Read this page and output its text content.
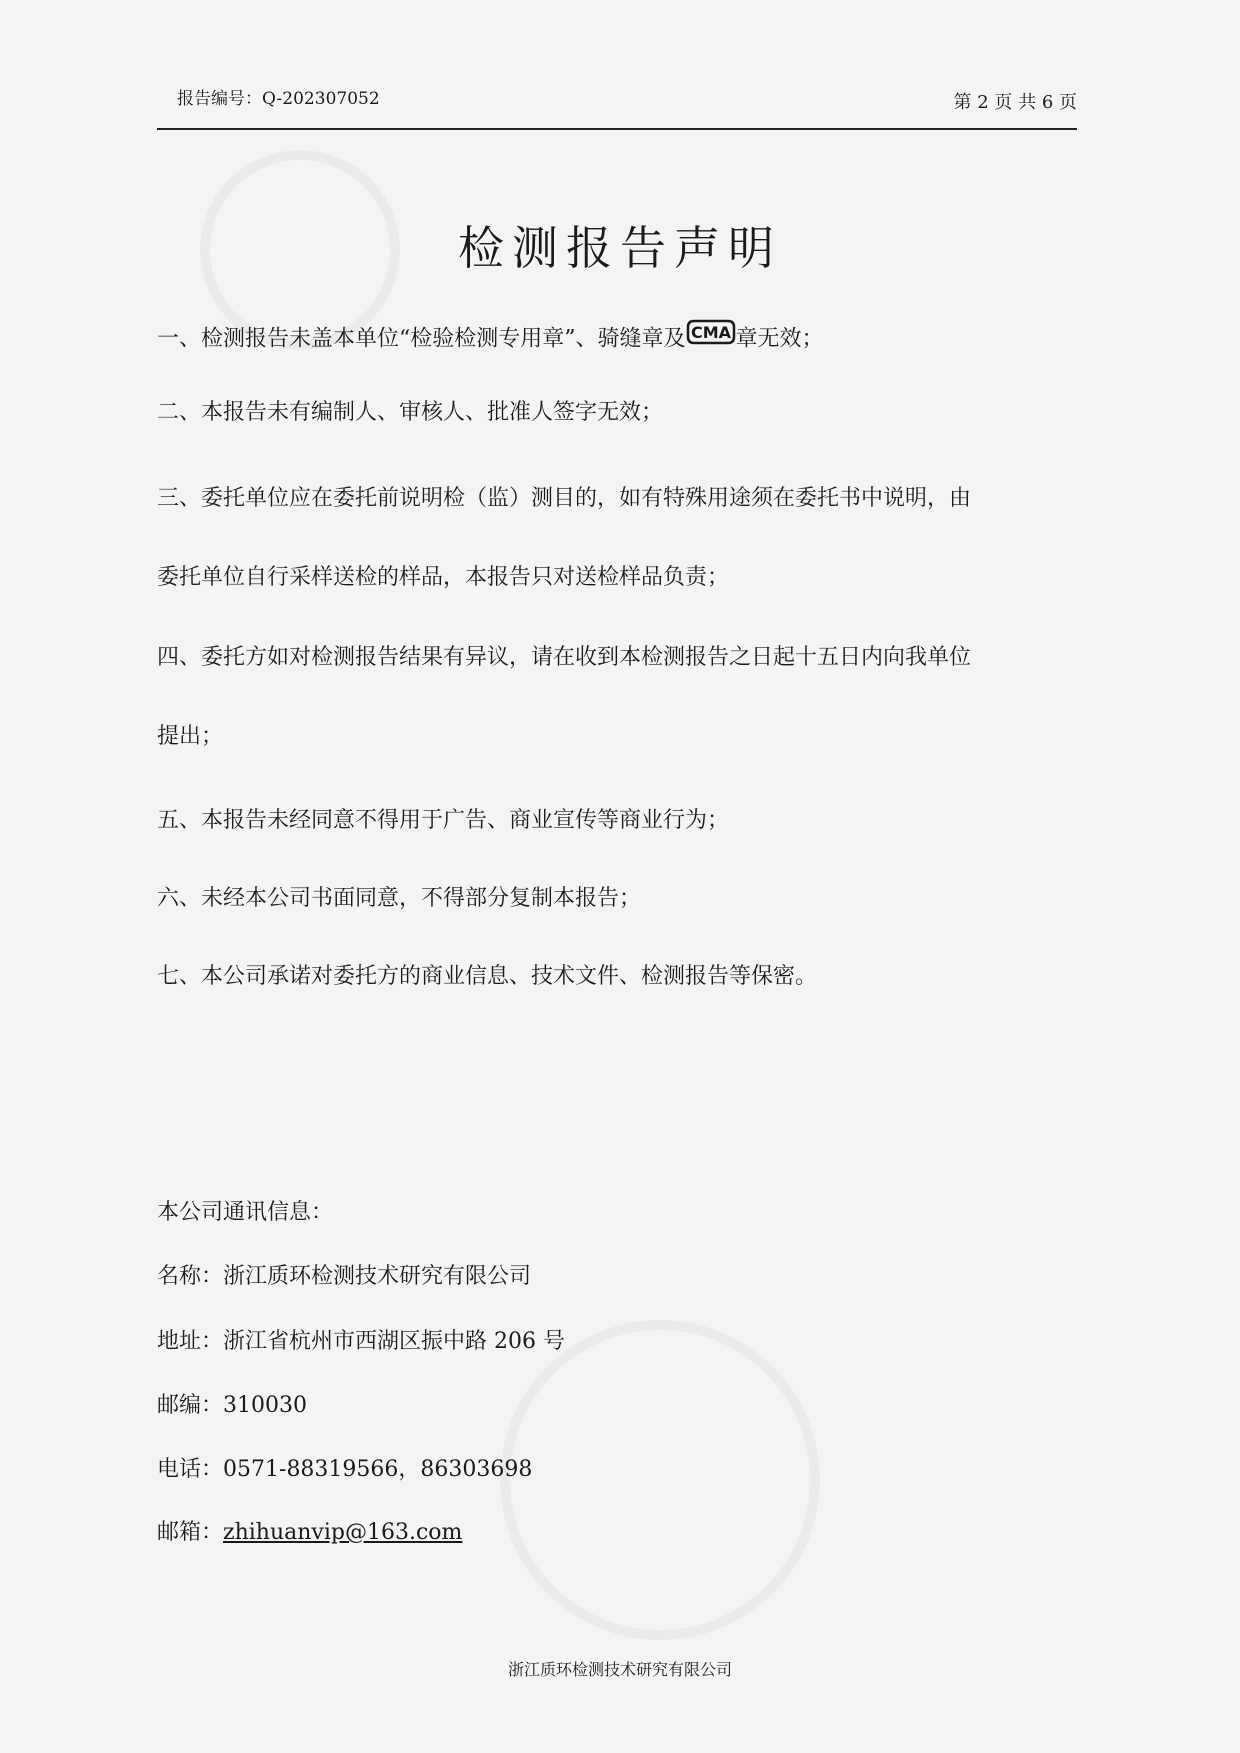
报告编号：Q-202307052	第 2 页 共 6 页
检测报告声明
一、检测报告未盖本单位“检验检测专用章”、骑缝章及 CMA 章无效；
二、本报告未有编制人、审核人、批准人签字无效；
三、委托单位应在委托前说明检（监）测目的，如有特殊用途须在委托书中说明，由
委托单位自行采样送检的样品，本报告只对送检样品负责；
四、委托方如对检测报告结果有异议，请在收到本检测报告之日起十五日内向我单位
提出；
五、本报告未经同意不得用于广告、商业宣传等商业行为；
六、未经本公司书面同意，不得部分复制本报告；
七、本公司承诺对委托方的商业信息、技术文件、检测报告等保密。
本公司通讯信息：
名称：浙江质环检测技术研究有限公司
地址：浙江省杭州市西湖区振中路 206 号
邮编：310030
电话：0571-88319566，86303698
邮箱：zhihuanvip@163.com
浙江质环检测技术研究有限公司
